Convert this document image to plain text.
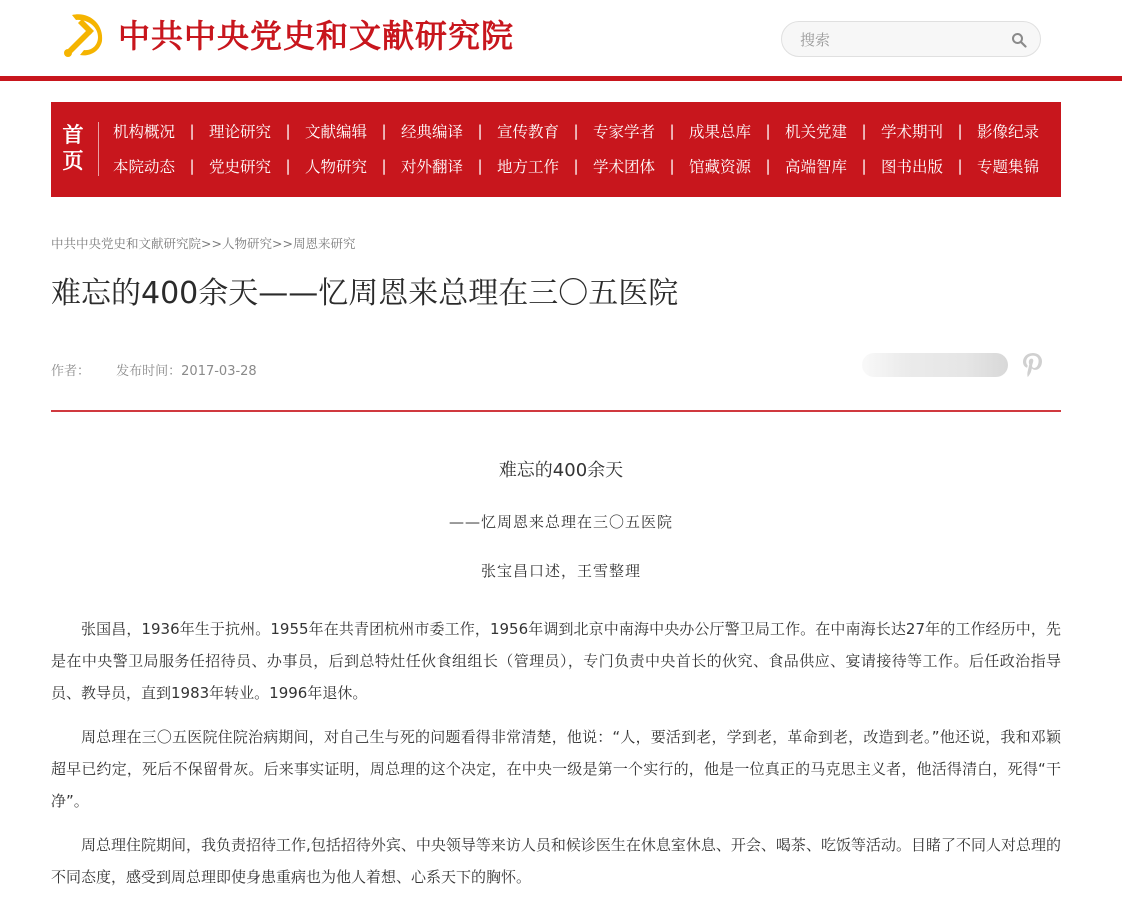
中共中央党史和文献研究院
搜索
首
页
机构概况 | 理论研究 | 文献编辑 | 经典编译 | 宣传教育 | 专家学者 | 成果总库 | 机关党建 | 学术期刊 | 影像纪录
本院动态 | 党史研究 | 人物研究 | 对外翻译 | 地方工作 | 学术团体 | 馆藏资源 | 高端智库 | 图书出版 | 专题集锦
中共中央党史和文献研究院>>人物研究>>周恩来研究
难忘的400余天——忆周恩来总理在三〇五医院
作者： 发布时间：2017-03-28
难忘的400余天
——忆周恩来总理在三〇五医院
张宝昌口述，王雪整理

张国昌，1936年生于抗州。1955年在共青团杭州市委工作，1956年调到北京中南海中央办公厅警卫局工作。在中南海长达27年的工作经历中，先是在中央警卫局服务任招待员、办事员，后到总特灶任伙食组组长（管理员），专门负责中央首长的伙究、食品供应、宴请接待等工作。后任政治指导员、教导员，直到1983年转业。1996年退休。

周总理在三〇五医院住院治病期间，对自己生与死的问题看得非常清楚，他说：“人，要活到老，学到老，革命到老，改造到老。”他还说，我和邓颖超早已约定，死后不保留骨灰。后来事实证明，周总理的这个决定，在中央一级是第一个实行的，他是一位真正的马克思主义者，他活得清白，死得“干净”。

周总理住院期间，我负责招待工作,包括招待外宾、中央领导等来访人员和候诊医生在休息室休息、开会、喝茶、吃饭等活动。目睹了不同人对总理的不同态度，感受到周总理即使身患重病也为他人着想、心系天下的胸怀。
